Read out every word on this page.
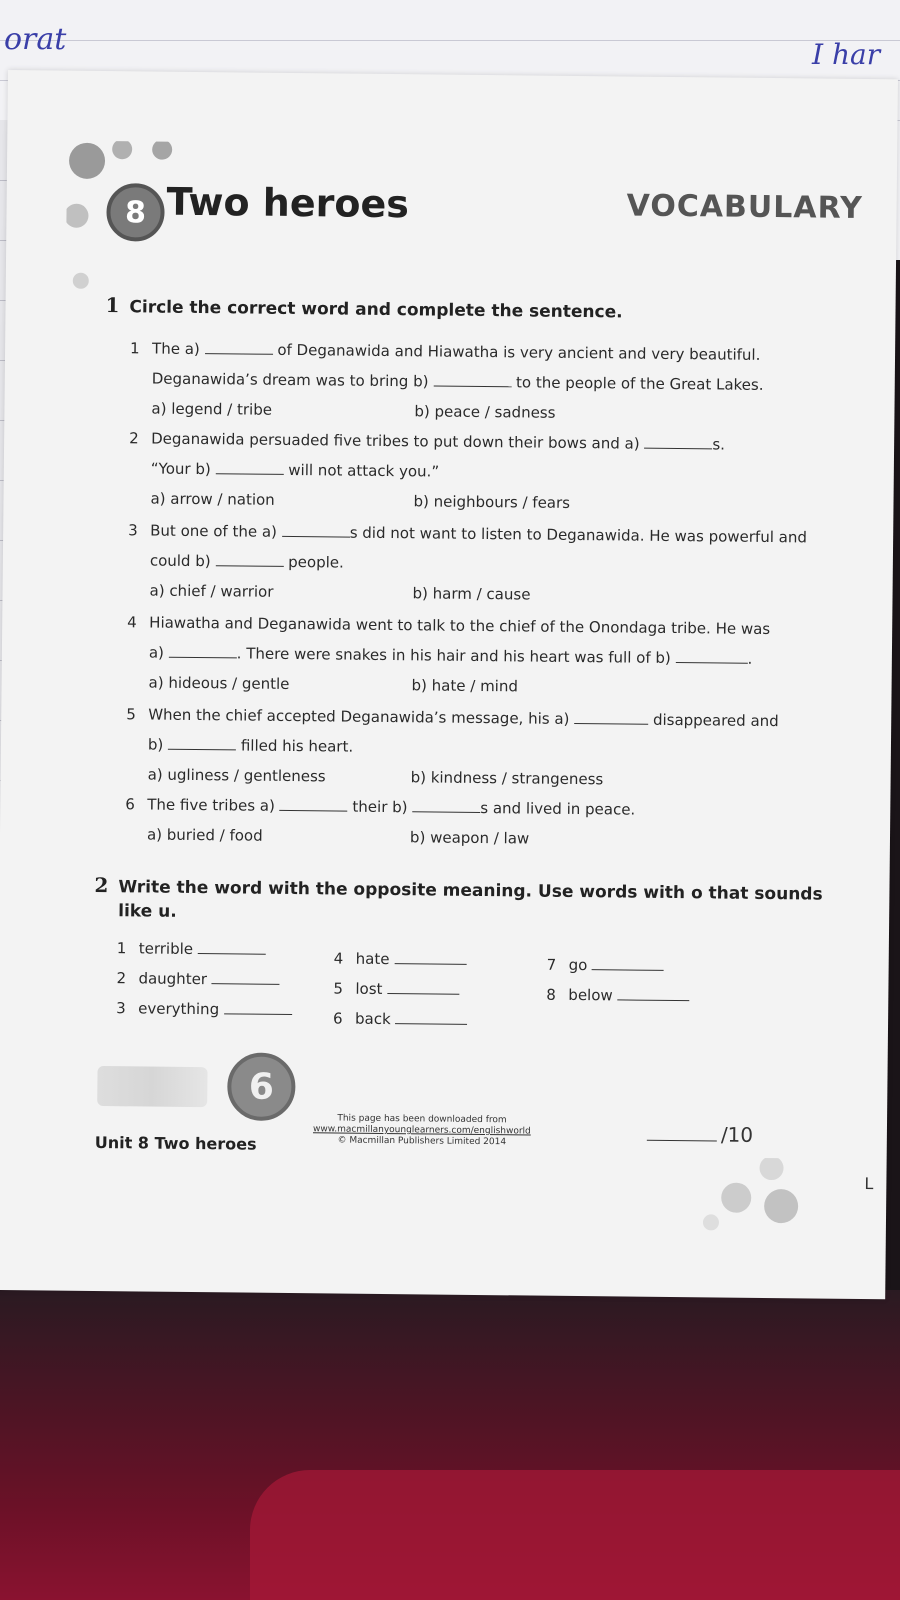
orat	I har
8 Two heroes	VOCABULARY
1 Circle the correct word and complete the sentence.
1 The a)	of Deganawida and Hiawatha is very ancient and very beautiful.
Deganawida’s dream was to bring b)	to the people of the Great Lakes.
a) legend / tribe	b) peace / sadness
2 Deganawida persuaded five tribes to put down their bows and a)	s.
“Your b)	will not attack you.”
a) arrow / nation	b) neighbours / fears
3 But one of the a)	s did not want to listen to Deganawida. He was powerful and
could b)	people.
a) chief / warrior	b) harm / cause
4 Hiawatha and Deganawida went to talk to the chief of the Onondaga tribe. He was
a)	. There were snakes in his hair and his heart was full of b)	.
a) hideous / gentle	b) hate / mind
5 When the chief accepted Deganawida’s message, his a)	disappeared and
b)	filled his heart.
a) ugliness / gentleness	b) kindness / strangeness
6 The five tribes a)	their b)	s and lived in peace.
a) buried / food	b) weapon / law
2 Write the word with the opposite meaning. Use words with o that sounds
like u.
1 terrible
2 daughter
3 everything
4 hate
5 lost
6 back
7 go
8 below
6
Unit 8 Two heroes
This page has been downloaded from
www.macmillanyounglearners.com/englishworld
© Macmillan Publishers Limited 2014	/10
L
